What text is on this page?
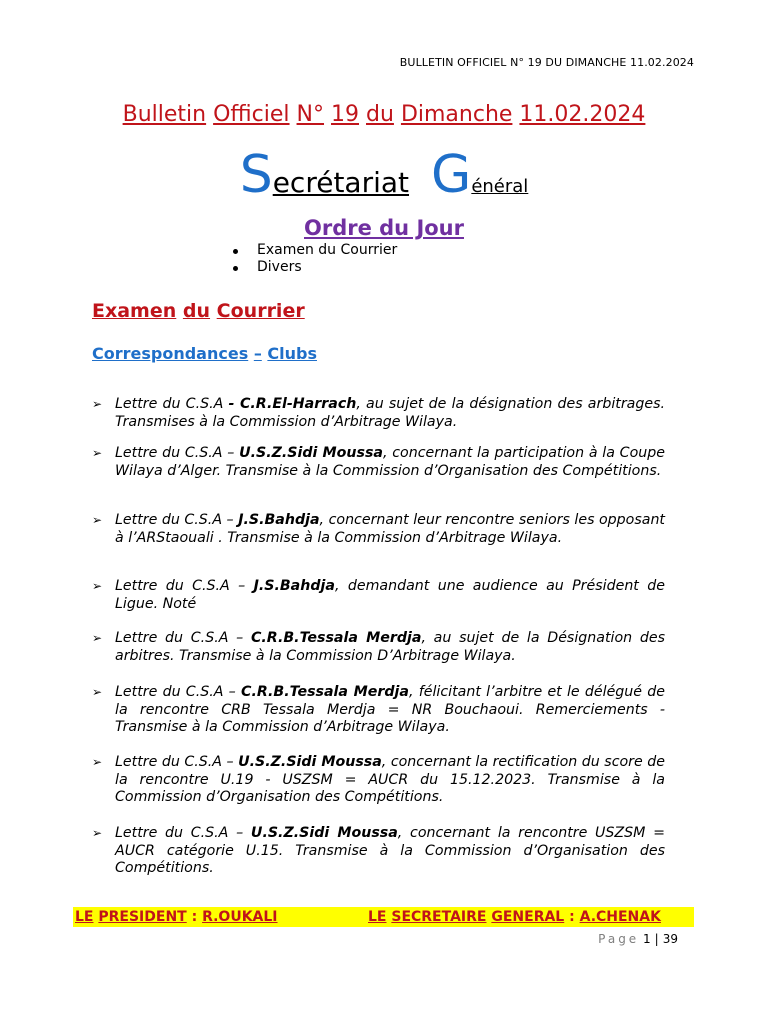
BULLETIN OFFICIEL N° 19 DU DIMANCHE 11.02.2024
Bulletin Officiel N° 19 du Dimanche 11.02.2024
Secrétariat Général
Ordre du Jour
Examen du Courrier
Divers
Examen du Courrier
Correspondances – Clubs
➢ Lettre du C.S.A - C.R.El-Harrach, au sujet de la désignation des arbitrages. Transmises à la Commission d’Arbitrage Wilaya.
➢ Lettre du C.S.A – U.S.Z.Sidi Moussa, concernant la participation à la Coupe Wilaya d’Alger. Transmise à la Commission d’Organisation des Compétitions.
➢ Lettre du C.S.A – J.S.Bahdja, concernant leur rencontre seniors les opposant à l’ARStaouali . Transmise à la Commission d’Arbitrage Wilaya.
➢ Lettre du C.S.A – J.S.Bahdja, demandant une audience au Président de Ligue. Noté
➢ Lettre du C.S.A – C.R.B.Tessala Merdja, au sujet de la Désignation des arbitres. Transmise à la Commission D’Arbitrage Wilaya.
➢ Lettre du C.S.A – C.R.B.Tessala Merdja, félicitant l’arbitre et le délégué de la rencontre CRB Tessala Merdja = NR Bouchaoui. Remerciements -Transmise à la Commission d’Arbitrage Wilaya.
➢ Lettre du C.S.A – U.S.Z.Sidi Moussa, concernant la rectification du score de la rencontre U.19 - USZSM = AUCR du 15.12.2023. Transmise à la Commission d’Organisation des Compétitions.
➢ Lettre du C.S.A – U.S.Z.Sidi Moussa, concernant la rencontre USZSM = AUCR catégorie U.15. Transmise à la Commission d’Organisation des Compétitions.
LE PRESIDENT : R.OUKALI	LE SECRETAIRE GENERAL : A.CHENAK
Page 1 | 39
